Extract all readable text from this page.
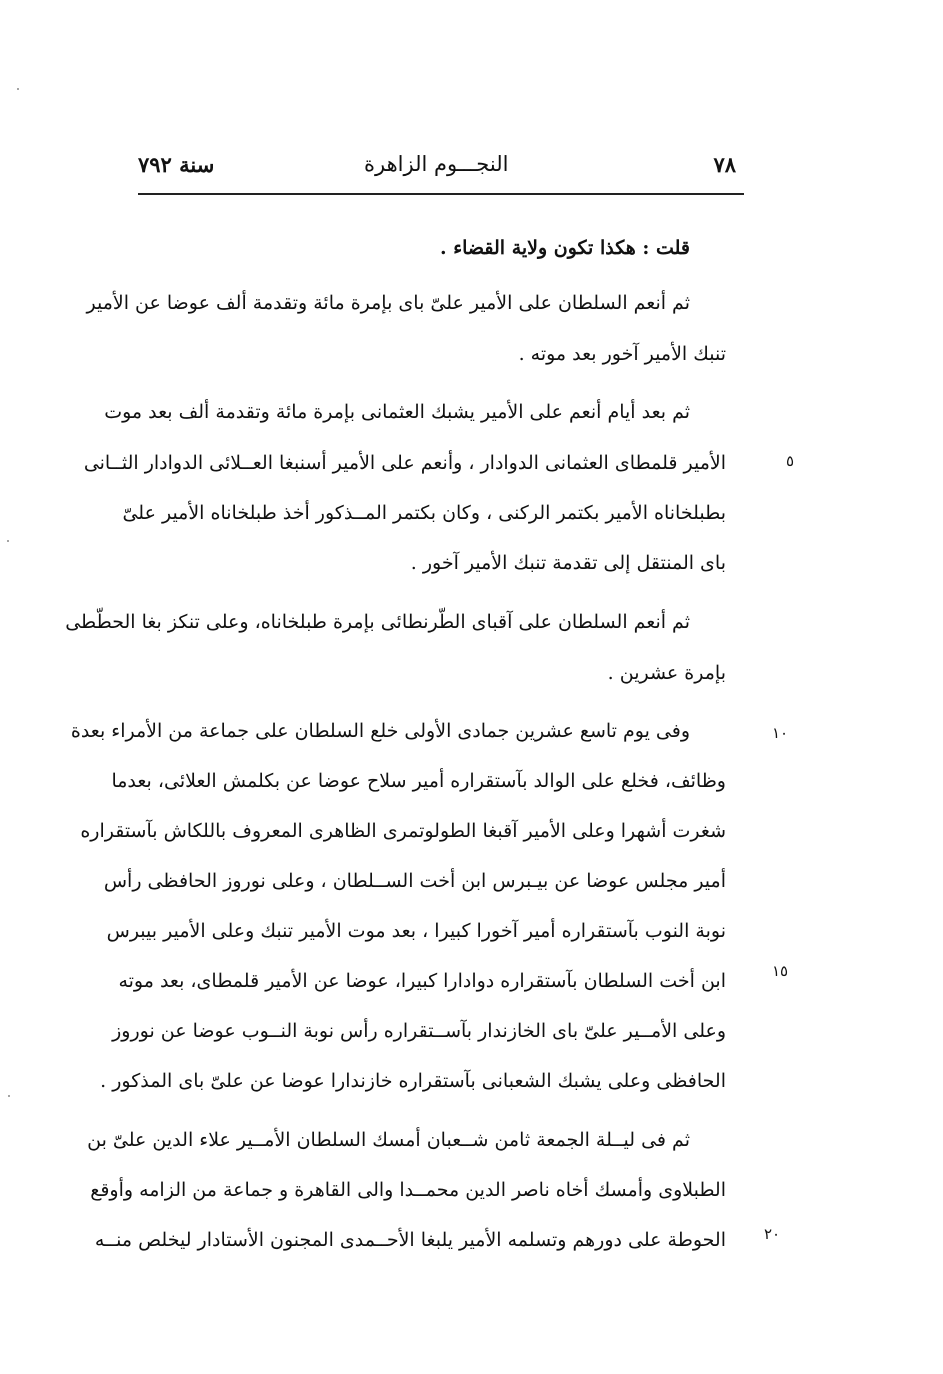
سنة ٧٩٢	النجـــوم الزاهرة	٧٨
قلت : هكذا تكون ولاية القضاء .
ثم أنعم السلطان على الأمير علىّ باى بإمرة مائة وتقدمة ألف عوضا عن الأمير
تنبك الأمير آخور بعد موته .
ثم بعد أيام أنعم على الأمير يشبك العثمانى بإمرة مائة وتقدمة ألف بعد موت
الأمير قلمطاى العثمانى الدوادار ، وأنعم على الأمير أسنبغا العــلائى الدوادار الثــانى
بطبلخاناه الأمير بكتمر الركنى ، وكان بكتمر المــذكور أخذ طبلخاناه الأمير علىّ
باى المنتقل إلى تقدمة تنبك الأمير آخور .
ثم أنعم السلطان على آقباى الطّرنطائى بإمرة طبلخاناه، وعلى تنكز بغا الحطّطى
بإمرة عشرين .
وفى يوم تاسع عشرين جمادى الأولى خلع السلطان على جماعة من الأمراء بعدة
وظائف، فخلع على الوالد بآستقراره أمير سلاح عوضا عن بكلمش العلائى، بعدما
شغرت أشهرا وعلى الأمير آقبغا الطولوتمرى الظاهرى المعروف باللكاش بآستقراره
أمير مجلس عوضا عن بيـبرس ابن أخت الســلطان ، وعلى نوروز الحافظى رأس
نوبة النوب بآستقراره أمير آخورا كبيرا ، بعد موت الأمير تنبك وعلى الأمير بيبرس
ابن أخت السلطان بآستقراره دوادارا كبيرا، عوضا عن الأمير قلمطاى، بعد موته
وعلى الأمــير علىّ باى الخازندار بآســتقراره رأس نوبة النــوب عوضا عن نوروز
الحافظى وعلى يشبك الشعبانى بآستقراره خازندارا عوضا عن علىّ باى المذكور .
ثم فى ليــلة الجمعة ثامن شــعبان أمسك السلطان الأمــير علاء الدين علىّ بن
الطبلاوى وأمسك أخاه ناصر الدين محمــدا والى القاهرة و جماعة من الزامه وأوقع
الحوطة على دورهم وتسلمه الأمير يلبغا الأحــمدى المجنون الأستادار ليخلص منــه
٥
١٠
١٥
٢٠
